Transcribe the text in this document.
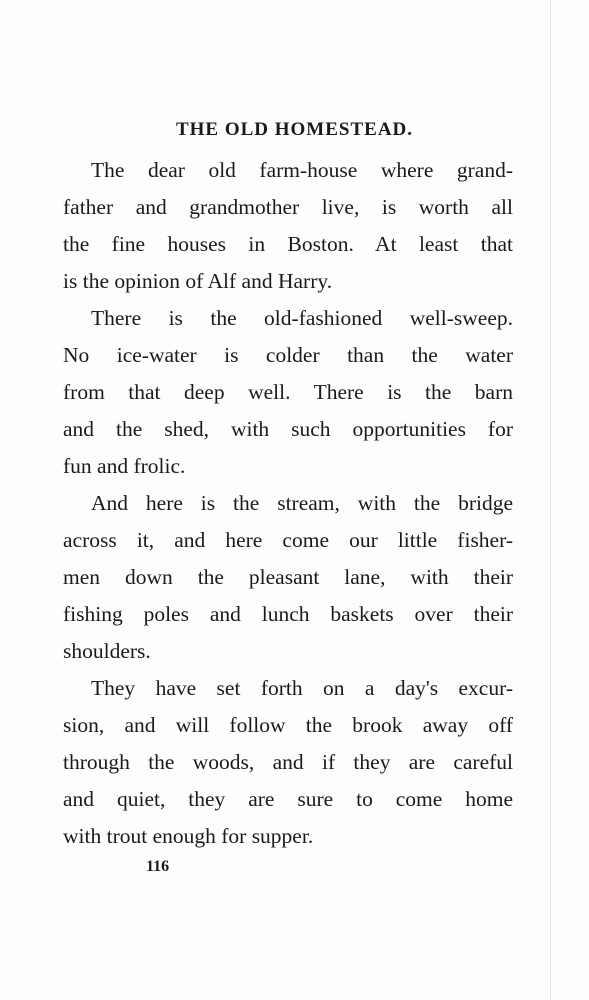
THE OLD HOMESTEAD.

The dear old farm-house where grand-
father and grandmother live, is worth all
the fine houses in Boston. At least that
is the opinion of Alf and Harry.

There is the old-fashioned well-sweep.
No ice-water is colder than the water
from that deep well. There is the barn
and the shed, with such opportunities for
fun and frolic.

And here is the stream, with the bridge
across it, and here come our little fisher-
men down the pleasant lane, with their
fishing poles and lunch baskets over their
shoulders.

They have set forth on a day's excur-
sion, and will follow the brook away off
through the woods, and if they are careful
and quiet, they are sure to come home
with trout enough for supper.

116
